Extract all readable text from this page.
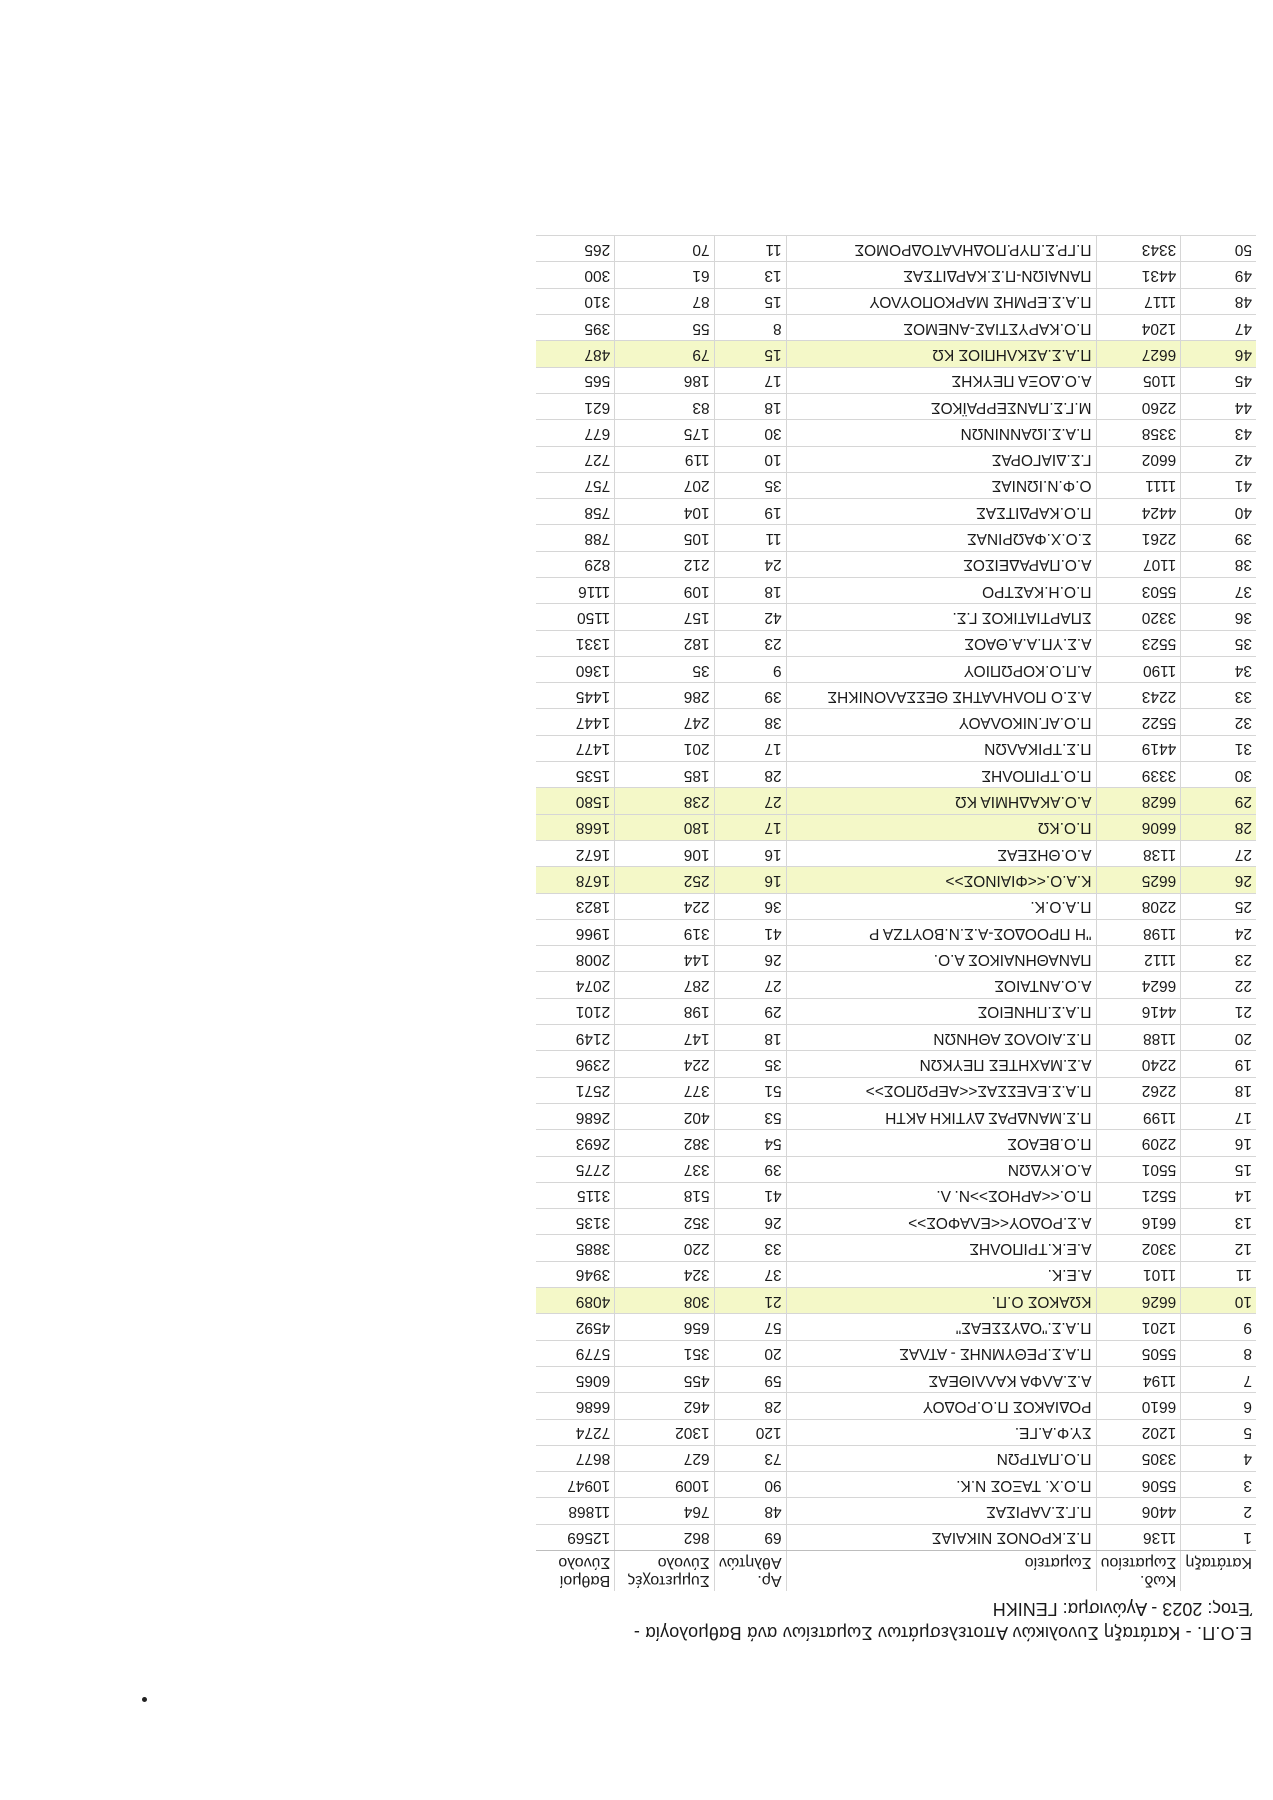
Ε.Ο.Π. - Κατάταξη Συνολικών Αποτελεσμάτων Σωματείων ανά Βαθμολογία -
Έτος: 2023 - Αγώνισμα: ΓΕΝΙΚΗ
Κατάταξη	Κωδ. Σωματείου	Σωματείο	Αρ. Αθλητών	Συμμετοχές Σύνολο	Βαθμοί Σύνολο
1	1136	Π.Σ.ΚΡΟΝΟΣ ΝΙΚΑΙΑΣ	69	862	12569
2	4406	Π.Γ.Σ.ΛΑΡΙΣΑΣ	48	764	11868
3	5506	Π.Ο.Χ. ΤΑΞΟΣ Ν.Κ.	90	1009	10947
4	3305	Π.Ο.ΠΑΤΡΩΝ	73	627	8677
5	1202	ΣΥ.Φ.Α.ΓΕ.	120	1302	7274
6	6610	ΡΟΔΙΑΚΟΣ Π.Ο.ΡΟΔΟΥ	28	462	6686
7	1194	Α.Σ.ΑΛΦΑ ΚΑΛΛΙΘΕΑΣ	59	455	6065
8	5505	Π.Α.Σ.ΡΕΘΥΜΝΗΣ - ΑΤΛΑΣ	20	351	5779
9	1201	Π.Α.Σ."ΟΔΥΣΣΕΑΣ"	57	656	4592
10	6626	ΚΩΑΚΟΣ Ο.Π.	21	308	4089
11	1101	Α.Ε.Κ.	37	324	3946
12	3302	Α.Ε.Κ.ΤΡΙΠΟΛΗΣ	33	220	3885
13	6616	Α.Σ.ΡΟΔΟΥ<<ΕΛΑΦΟΣ>>	26	352	3135
14	5521	Π.Ο.<<ΑΡΗΟΣ>>Ν. Λ.	41	518	3115
15	5501	Α.Ο.ΚΥΔΩΝ	39	337	2775
16	2209	Π.Ο.ΒΕΑΟΣ	54	382	2693
17	1199	Π.Σ.ΜΑΝΔΡΑΣ ΔΥΤΙΚΗ ΑΚΤΗ	53	402	2686
18	2262	Π.Α.Σ.ΕΛΕΣΣΑΣ<<ΑΕΡΩΠΟΣ>>	51	377	2571
19	2240	Α.Σ.ΜΑΧΗΤΕΣ ΠΕΥΚΩΝ	35	224	2396
20	1188	Π.Σ.ΑΙΟΛΟΣ ΑΘΗΝΩΝ	18	147	2149
21	4416	Π.Α.Σ.ΠΗΝΕΙΟΣ	29	198	2101
22	6624	Α.Ο.ΑΝΤΑΙΟΣ	27	287	2074
23	1112	ΠΑΝΑΘΗΝΑΙΚΟΣ Α.Ο.	26	144	2008
24	1198	"Η ΠΡΟΟΔΟΣ-Α.Σ.Ν.ΒΟΥΤΖΑ Ρ	41	319	1966
25	2208	Π.Α.Ο.Κ.	36	224	1823
26	6625	Κ.Α.Ο.<<ΦΙΑΙΝΟΣ>>	16	252	1678
27	1138	Α.Ο.ΘΗΣΕΑΣ	16	106	1672
28	6606	Π.Ο.ΚΩ	17	180	1668
29	6628	Α.Ο.ΑΚΑΔΗΜΙΑ ΚΩ	27	238	1580
30	3339	Π.Ο.ΤΡΙΠΟΛΗΣ	28	185	1535
31	4419	Π.Σ.ΤΡΙΚΑΛΩΝ	17	201	1477
32	5522	Π.Ο.ΑΓ.ΝΙΚΟΛΑΟΥ	38	247	1447
33	2243	Α.Σ.Ο ΠΟΛΗΛΑΤΗΣ ΘΕΣΣΑΛΟΝΙΚΗΣ	39	286	1445
34	1190	Α.Π.Ο.ΚΟΡΩΠΙΟΥ	9	35	1360
35	5523	Α.Σ.ΥΠ.Α.Α.ΘΑΟΣ	23	182	1331
36	3320	ΣΠΑΡΤΙΑΤΙΚΟΣ Γ.Σ.	42	157	1150
37	5503	Π.Ο.Η.ΚΑΣΤΡΟ	18	109	1116
38	1107	Α.Ο.ΠΑΡΑΔΕΙΣΟΣ	24	212	829
39	2261	Σ.Ο.Χ.ΦΑΩΡΙΝΑΣ	11	105	788
40	4424	Π.Ο.ΚΑΡΔΙΤΣΑΣ	19	104	758
41	1111	Ο.Φ.Ν.ΙΩΝΙΑΣ	35	207	757
42	6602	Γ.Σ.ΔΙΑΓΟΡΑΣ	10	119	727
43	3358	Π.Α.Σ.ΙΩΑΝΝΙΝΩΝ	30	175	677
44	2260	Μ.Γ.Σ.ΠΑΝΣΕΡΡΑΪΚΟΣ	18	83	621
45	1105	Α.Ο.ΔΟΞΑ ΠΕΥΚΗΣ	17	186	565
46	6627	Π.Α.Σ.ΑΣΚΛΗΠΙΟΣ ΚΩ	15	79	487
47	1204	Π.Ο.ΚΑΡΥΣΤΙΑΣ-ΑΝΕΜΟΣ	8	55	395
48	1117	Π.Α.Σ.ΕΡΜΗΣ ΜΑΡΚΟΠΟΥΛΟΥ	15	87	310
49	4431	ΠΑΝΑΙΩΝ-Π.Σ.ΚΑΡΔΙΤΣΑΣ	13	61	300
50	3343	Π.ΓΡ.Σ.ΠΥΡ.ΠΟΔΗΛΑΤΟΔΡΟΜΟΣ	11	70	265
